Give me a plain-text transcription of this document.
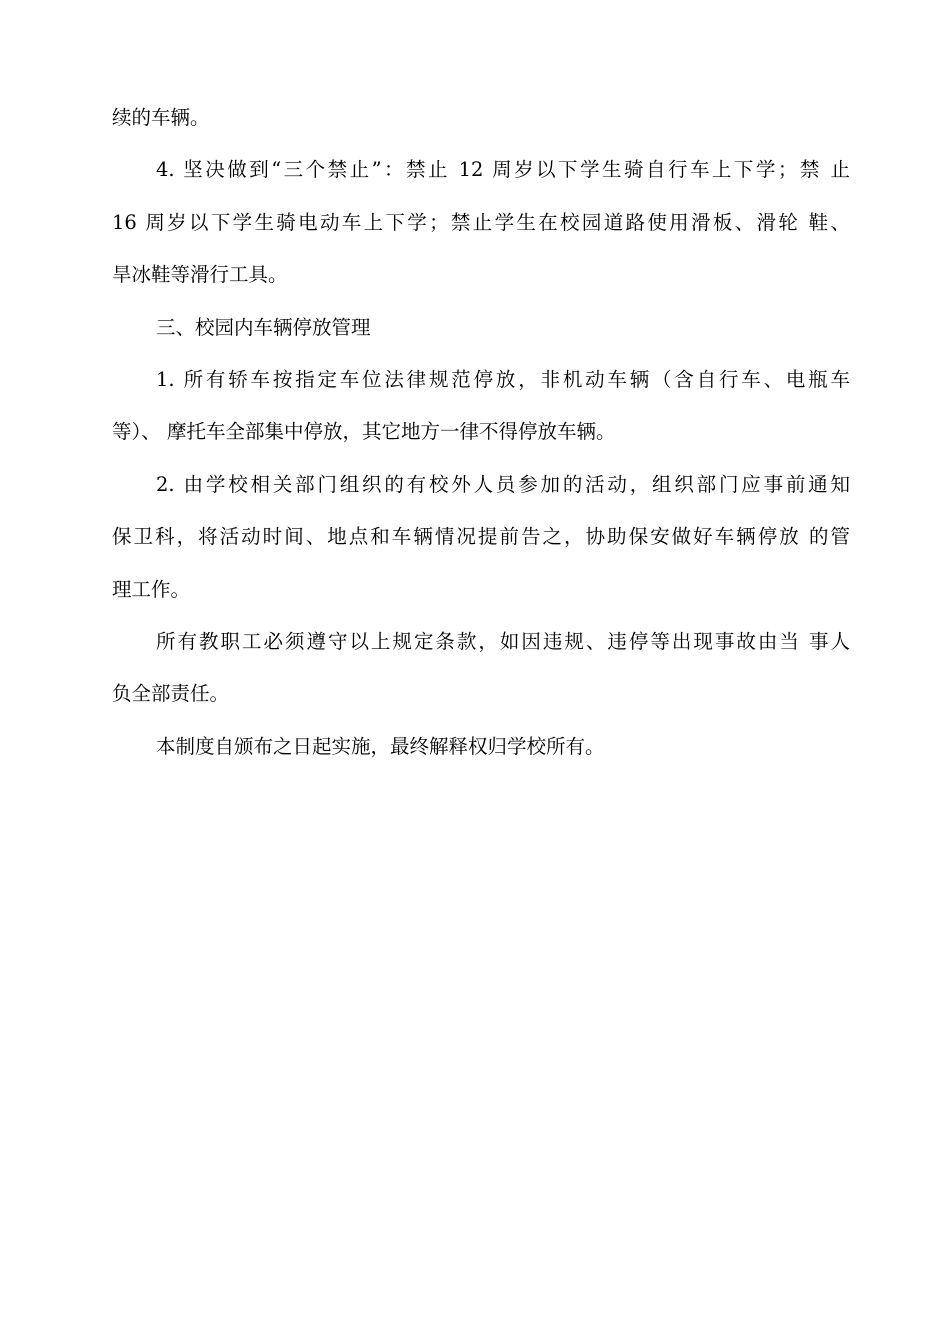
续的车辆。
4. 坚决做到“三个禁止”：禁止 12 周岁以下学生骑自行车上下学；禁 止
16 周岁以下学生骑电动车上下学；禁止学生在校园道路使用滑板、滑轮 鞋、
旱冰鞋等滑行工具。
三、校园内车辆停放管理
1. 所有轿车按指定车位法律规范停放，非机动车辆（含自行车、电瓶车
等）、 摩托车全部集中停放，其它地方一律不得停放车辆。
2. 由学校相关部门组织的有校外人员参加的活动，组织部门应事前通知
保卫科，将活动时间、地点和车辆情况提前告之，协助保安做好车辆停放 的管
理工作。
所有教职工必须遵守以上规定条款，如因违规、违停等出现事故由当 事人
负全部责任。
本制度自颁布之日起实施，最终解释权归学校所有。
